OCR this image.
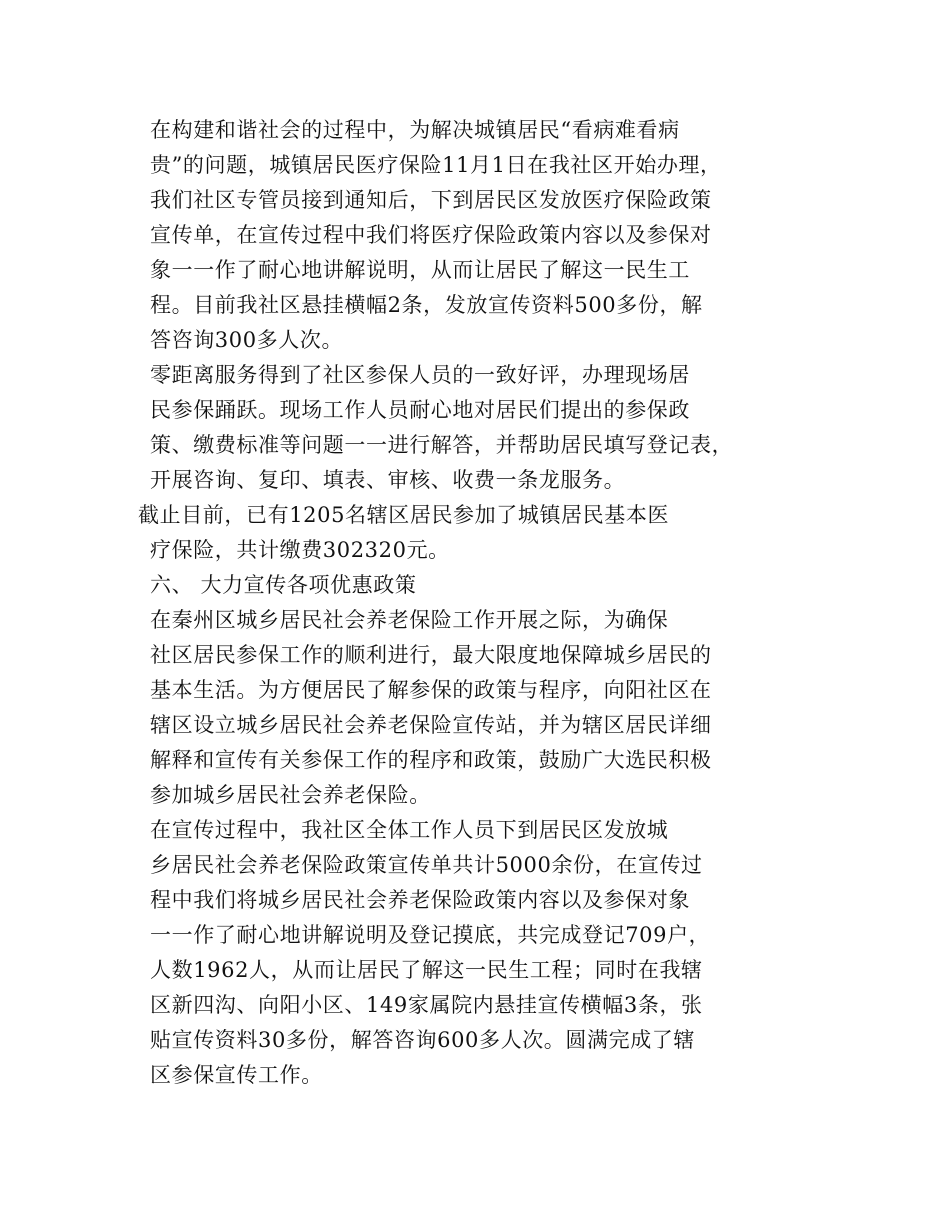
在构建和谐社会的过程中，为解决城镇居民“看病难看病
贵”的问题，城镇居民医疗保险11月1日在我社区开始办理，
我们社区专管员接到通知后，下到居民区发放医疗保险政策
宣传单，在宣传过程中我们将医疗保险政策内容以及参保对
象一一作了耐心地讲解说明，从而让居民了解这一民生工
程。目前我社区悬挂横幅2条，发放宣传资料500多份，解
答咨询300多人次。
零距离服务得到了社区参保人员的一致好评，办理现场居
民参保踊跃。现场工作人员耐心地对居民们提出的参保政
策、缴费标准等问题一一进行解答，并帮助居民填写登记表，
开展咨询、复印、填表、审核、收费一条龙服务。
截止目前，已有1205名辖区居民参加了城镇居民基本医
疗保险，共计缴费302320元。
六、 大力宣传各项优惠政策
在秦州区城乡居民社会养老保险工作开展之际，为确保
社区居民参保工作的顺利进行，最大限度地保障城乡居民的
基本生活。为方便居民了解参保的政策与程序，向阳社区在
辖区设立城乡居民社会养老保险宣传站，并为辖区居民详细
解释和宣传有关参保工作的程序和政策，鼓励广大选民积极
参加城乡居民社会养老保险。
在宣传过程中，我社区全体工作人员下到居民区发放城
乡居民社会养老保险政策宣传单共计5000余份，在宣传过
程中我们将城乡居民社会养老保险政策内容以及参保对象
一一作了耐心地讲解说明及登记摸底，共完成登记709户，
人数1962人，从而让居民了解这一民生工程；同时在我辖
区新四沟、向阳小区、149家属院内悬挂宣传横幅3条，张
贴宣传资料30多份，解答咨询600多人次。圆满完成了辖
区参保宣传工作。
